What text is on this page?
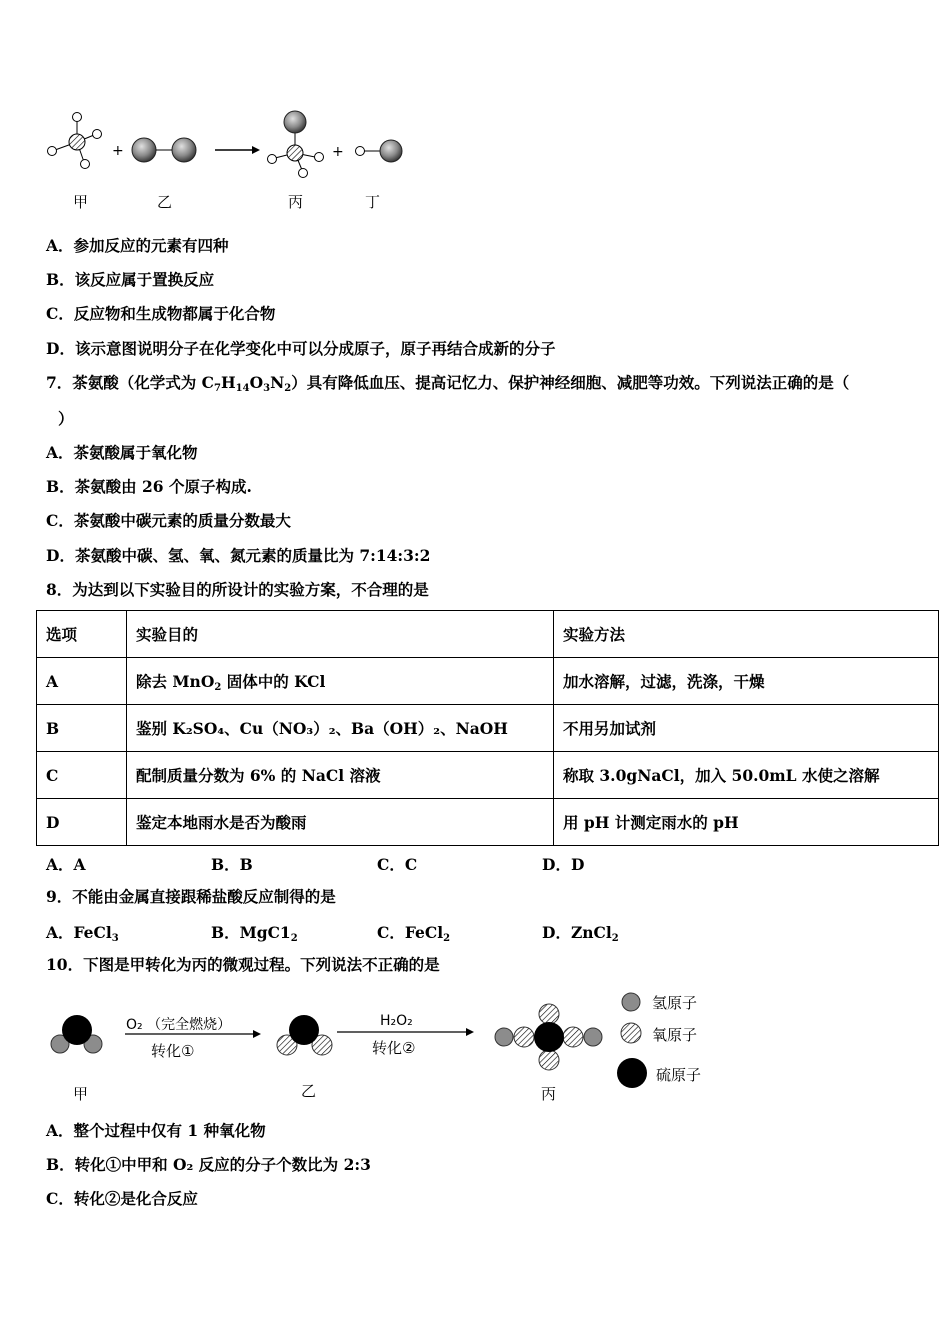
+	+
甲	乙	丙	丁
A．参加反应的元素有四种
B．该反应属于置换反应
C．反应物和生成物都属于化合物
D．该示意图说明分子在化学变化中可以分成原子，原子再结合成新的分子
7．茶氨酸（化学式为 $C_7H_{14}O_3N_2$）具有降低血压、提高记忆力、保护神经细胞、减肥等功效。下列说法正确的是（
）
A．茶氨酸属于氧化物
B．茶氨酸由 26 个原子构成.
C．茶氨酸中碳元素的质量分数最大
D．茶氨酸中碳、氢、氧、氮元素的质量比为 7:14:3:2
8．为达到以下实验目的所设计的实验方案，不合理的是
选项	实验目的	实验方法
A	除去 MnO$_2$ 固体中的 KCl	加水溶解，过滤，洗涤，干燥
B	鉴别 K₂SO₄、Cu（NO₃）₂、Ba（OH）₂、NaOH	不用另加试剂
C	配制质量分数为 6% 的 NaCl 溶液	称取 3.0gNaCl，加入 50.0mL 水使之溶解
D	鉴定本地雨水是否为酸雨	用 pH 计测定雨水的 pH
A．A	B．B	C．C	D．D
9．不能由金属直接跟稀盐酸反应制得的是
A．FeCl$_3$	B．$MgC1_2$	C．FeCl$_2$	D．ZnCl$_2$
10．下图是甲转化为丙的微观过程。下列说法不正确的是
O₂ （完全燃烧）
转化①
H₂O₂
转化②
甲	乙	丙
氢原子
氧原子
硫原子
A．整个过程中仅有 1 种氧化物
B．转化①中甲和 O₂ 反应的分子个数比为 2:3
C．转化②是化合反应
